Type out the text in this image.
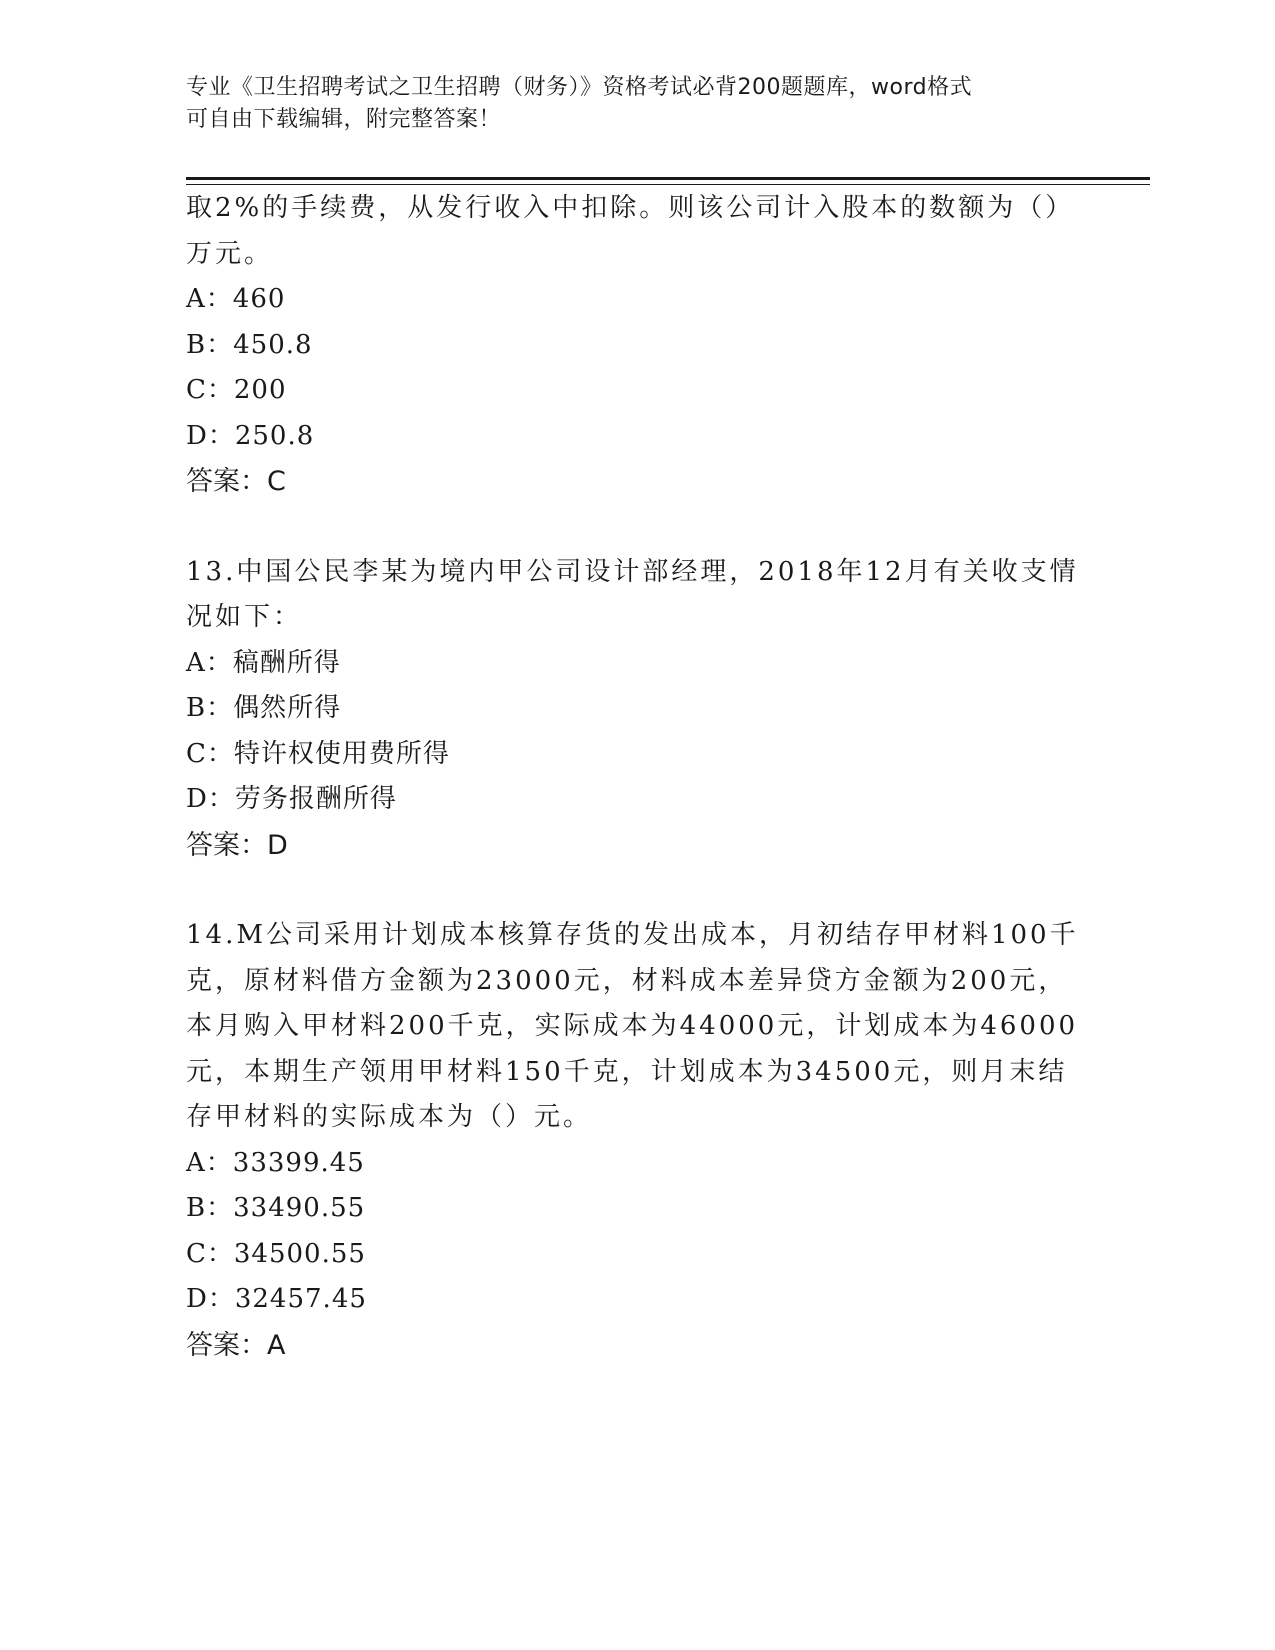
专业《卫生招聘考试之卫生招聘（财务）》资格考试必背200题题库，word格式
可自由下载编辑，附完整答案！
取2%的手续费，从发行收入中扣除。则该公司计入股本的数额为（）
万元。
A：460
B：450.8
C：200
D：250.8
答案：C
13.中国公民李某为境内甲公司设计部经理，2018年12月有关收支情
况如下：
A：稿酬所得
B：偶然所得
C：特许权使用费所得
D：劳务报酬所得
答案：D
14.M公司采用计划成本核算存货的发出成本，月初结存甲材料100千
克，原材料借方金额为23000元，材料成本差异贷方金额为200元，
本月购入甲材料200千克，实际成本为44000元，计划成本为46000
元，本期生产领用甲材料150千克，计划成本为34500元，则月末结
存甲材料的实际成本为（）元。
A：33399.45
B：33490.55
C：34500.55
D：32457.45
答案：A
